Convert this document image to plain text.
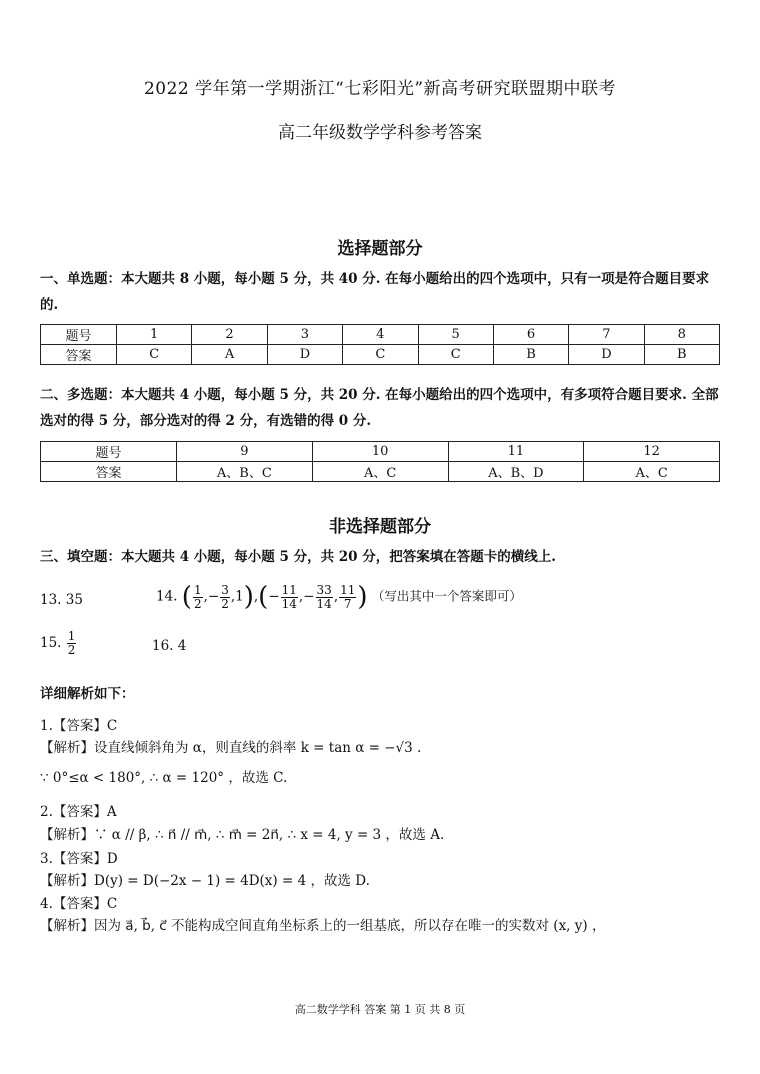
2022 学年第一学期浙江“七彩阳光”新高考研究联盟期中联考
高二年级数学学科参考答案
选择题部分
一、单选题：本大题共 8 小题，每小题 5 分，共 40 分. 在每小题给出的四个选项中，只有一项是符合题目要求的.
题号	1	2	3	4	5	6	7	8
答案	C	A	D	C	C	B	D	B
二、多选题：本大题共 4 小题，每小题 5 分，共 20 分. 在每小题给出的四个选项中，有多项符合题目要求. 全部选对的得 5 分，部分选对的得 2 分，有选错的得 0 分.
题号	9	10	11	12
答案	A、B、C	A、C	A、B、D	A、C
非选择题部分
三、填空题：本大题共 4 小题，每小题 5 分，共 20 分，把答案填在答题卡的横线上.
13. 35	14. ( $\frac{1}{2}$ ,− $\frac{3}{2} ,1),(- \frac{11}{14}$ ,− $\frac{33}{14}$ , $\frac{11}{7}$ ) （写出其中一个答案即可）
15. $\frac{1}{2}$	16. 4
详细解析如下：
1.【答案】C
【解析】设直线倾斜角为 α，则直线的斜率 k = tan α = −√3 .
∵ 0°≤α < 180°, ∴ α = 120° ，故选 C.
2.【答案】A
【解析】∵ α // β, ∴ n⃗ // m⃗, ∴ m⃗ = 2n⃗, ∴ x = 4, y = 3 ，故选 A.
3.【答案】D
【解析】D(y) = D(−2x − 1) = 4D(x) = 4 ，故选 D.
4.【答案】C
【解析】因为 a⃗, b⃗, c⃗ 不能构成空间直角坐标系上的一组基底，所以存在唯一的实数对 (x, y) ，
高二数学学科 答案 第 1 页 共 8 页
